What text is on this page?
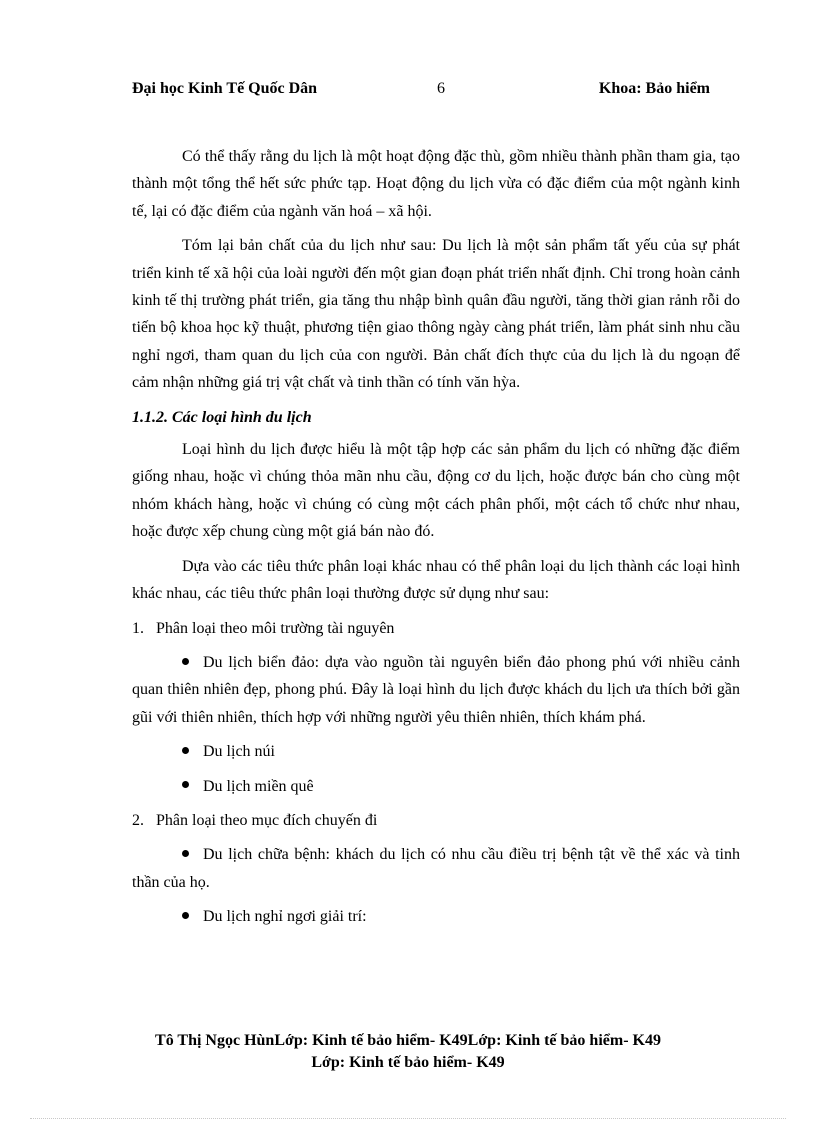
Đại học Kinh Tế Quốc Dân	6	Khoa: Bảo hiểm

Có thể thấy rằng du lịch là một hoạt động đặc thù, gồm nhiều thành phần tham gia, tạo thành một tổng thể hết sức phức tạp. Hoạt động du lịch vừa có đặc điểm của một ngành kinh tế, lại có đặc điểm của ngành văn hoá – xã hội.

Tóm lại bản chất của du lịch như sau: Du lịch là một sản phẩm tất yếu của sự phát triển kinh tế xã hội của loài người đến một gian đoạn phát triển nhất định. Chỉ trong hoàn cảnh kinh tế thị trường phát triển, gia tăng thu nhập bình quân đầu người, tăng thời gian rảnh rỗi do tiến bộ khoa học kỹ thuật, phương tiện giao thông ngày càng phát triển, làm phát sinh nhu cầu nghỉ ngơi, tham quan du lịch của con người. Bản chất đích thực của du lịch là du ngoạn để cảm nhận những giá trị vật chất và tinh thần có tính văn hỳa.

1.1.2. Các loại hình du lịch

Loại hình du lịch được hiểu là một tập hợp các sản phẩm du lịch có những đặc điểm giống nhau, hoặc vì chúng thỏa mãn nhu cầu, động cơ du lịch, hoặc được bán cho cùng một nhóm khách hàng, hoặc vì chúng có cùng một cách phân phối, một cách tổ chức như nhau, hoặc được xếp chung cùng một giá bán nào đó.

Dựa vào các tiêu thức phân loại khác nhau có thể phân loại du lịch thành các loại hình khác nhau, các tiêu thức phân loại thường được sử dụng như sau:

1. Phân loại theo môi trường tài nguyên

Du lịch biển đảo: dựa vào nguồn tài nguyên biển đảo phong phú với nhiều cảnh quan thiên nhiên đẹp, phong phú. Đây là loại hình du lịch được khách du lịch ưa thích bởi gần gũi với thiên nhiên, thích hợp với những người yêu thiên nhiên, thích khám phá.

Du lịch núi

Du lịch miền quê

2. Phân loại theo mục đích chuyến đi

Du lịch chữa bệnh: khách du lịch có nhu cầu điều trị bệnh tật về thể xác và tinh thần của họ.

Du lịch nghỉ ngơi giải trí:

Tô Thị Ngọc HùnLớp: Kinh tế bảo hiểm- K49Lớp: Kinh tế bảo hiểm- K49
Lớp: Kinh tế bảo hiểm- K49
